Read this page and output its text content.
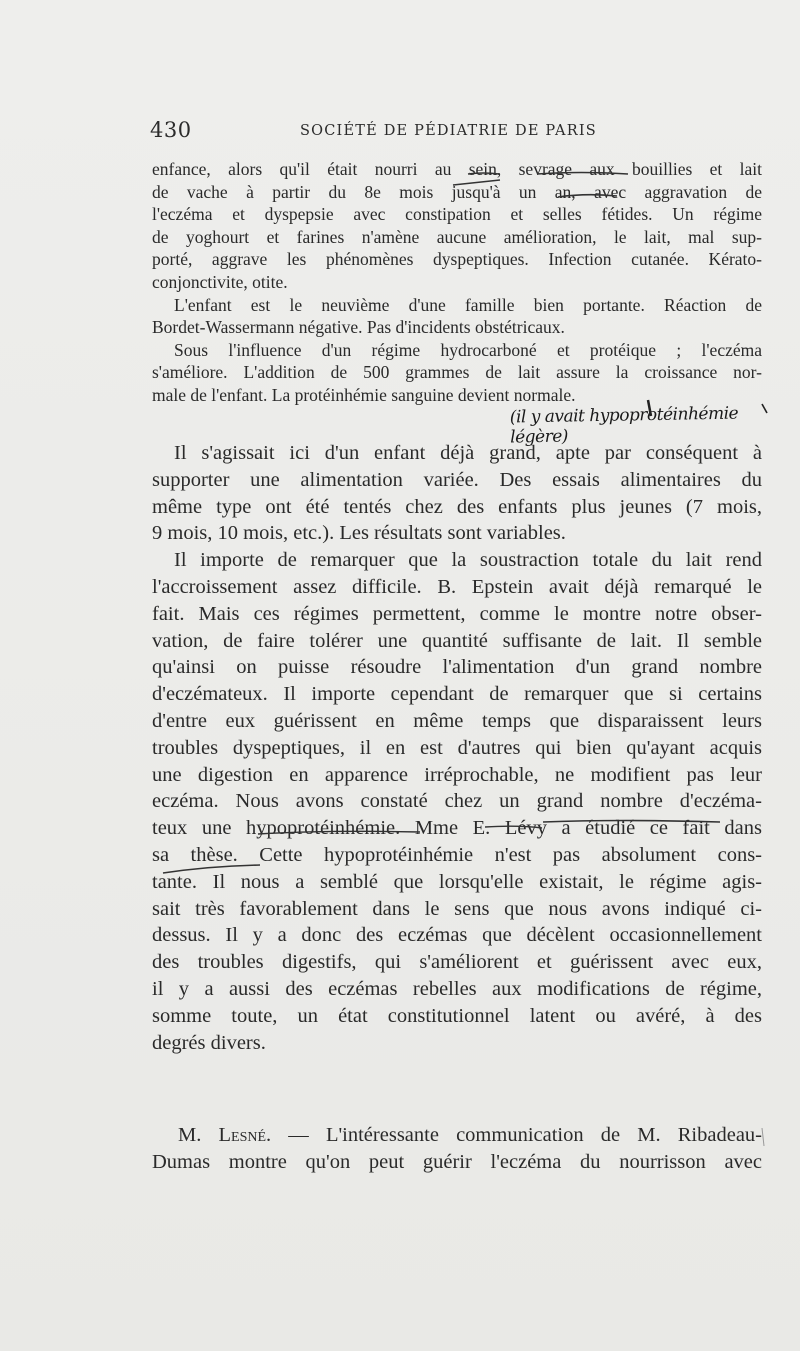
430	SOCIÉTÉ DE PÉDIATRIE DE PARIS
enfance, alors qu'il était nourri au sein, sevrage aux bouillies et lait
de vache à partir du 8e mois jusqu'à un an, avec aggravation de
l'eczéma et dyspepsie avec constipation et selles fétides. Un régime
de yoghourt et farines n'amène aucune amélioration, le lait, mal sup-
porté, aggrave les phénomènes dyspeptiques. Infection cutanée. Kérato-
conjonctivite, otite.
L'enfant est le neuvième d'une famille bien portante. Réaction de
Bordet-Wassermann négative. Pas d'incidents obstétricaux.
Sous l'influence d'un régime hydrocarboné et protéique ; l'eczéma
s'améliore. L'addition de 500 grammes de lait assure la croissance nor-
male de l'enfant. La protéinhémie sanguine devient normale.
(il y avait hypoprotéinhémie légère)
Il s'agissait ici d'un enfant déjà grand, apte par conséquent à
supporter une alimentation variée. Des essais alimentaires du
même type ont été tentés chez des enfants plus jeunes (7 mois,
9 mois, 10 mois, etc.). Les résultats sont variables.
Il importe de remarquer que la soustraction totale du lait rend
l'accroissement assez difficile. B. Epstein avait déjà remarqué le
fait. Mais ces régimes permettent, comme le montre notre obser-
vation, de faire tolérer une quantité suffisante de lait. Il semble
qu'ainsi on puisse résoudre l'alimentation d'un grand nombre
d'eczémateux. Il importe cependant de remarquer que si certains
d'entre eux guérissent en même temps que disparaissent leurs
troubles dyspeptiques, il en est d'autres qui bien qu'ayant acquis
une digestion en apparence irréprochable, ne modifient pas leur
eczéma. Nous avons constaté chez un grand nombre d'eczéma-
teux une hypoprotéinhémie. Mme E. Lévy a étudié ce fait dans
sa thèse. Cette hypoprotéinhémie n'est pas absolument cons-
tante. Il nous a semblé que lorsqu'elle existait, le régime agis-
sait très favorablement dans le sens que nous avons indiqué ci-
dessus. Il y a donc des eczémas que décèlent occasionnellement
des troubles digestifs, qui s'améliorent et guérissent avec eux,
il y a aussi des eczémas rebelles aux modifications de régime,
somme toute, un état constitutionnel latent ou avéré, à des
degrés divers.
M. Lesné. — L'intéressante communication de M. Ribadeau-
Dumas montre qu'on peut guérir l'eczéma du nourrisson avec
